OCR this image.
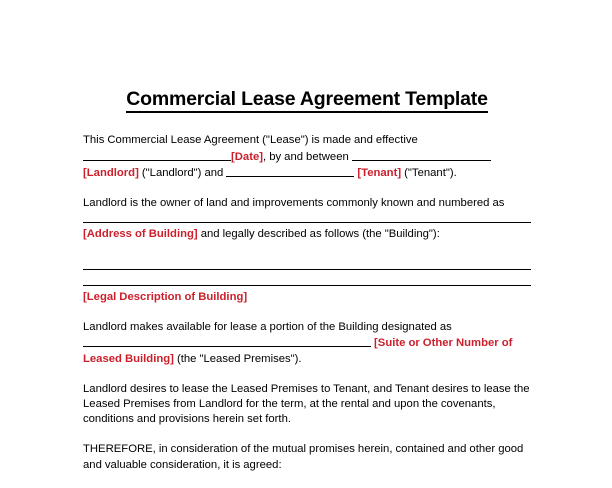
Commercial Lease Agreement Template

This Commercial Lease Agreement ("Lease") is made and effective [Date], by and between  [Landlord] ("Landlord") and	[Tenant] ("Tenant").

Landlord is the owner of land and improvements commonly known and numbered as  [Address of Building] and legally described as follows (the "Building"):

[Legal Description of Building]

Landlord makes available for lease a portion of the Building designated as  [Suite or Other Number of Leased Building] (the "Leased Premises").

Landlord desires to lease the Leased Premises to Tenant, and Tenant desires to lease the Leased Premises from Landlord for the term, at the rental and upon the covenants, conditions and provisions herein set forth.

THEREFORE, in consideration of the mutual promises herein, contained and other good and valuable consideration, it is agreed:
